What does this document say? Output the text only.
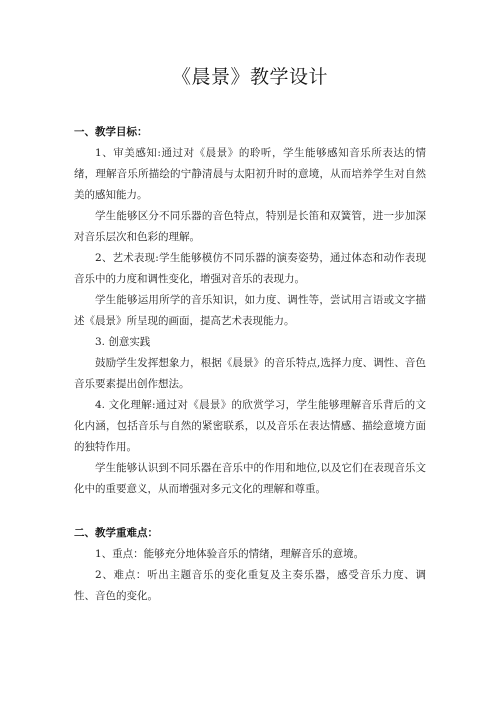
《晨景》教学设计

一、教学目标：

1、审美感知:通过对《晨景》的聆听，学生能够感知音乐所表达的情绪，理解音乐所描绘的宁静清晨与太阳初升时的意境，从而培养学生对自然美的感知能力。

学生能够区分不同乐器的音色特点，特别是长笛和双簧管，进一步加深对音乐层次和色彩的理解。

2、艺术表现:学生能够模仿不同乐器的演奏姿势，通过体态和动作表现音乐中的力度和调性变化，增强对音乐的表现力。

学生能够运用所学的音乐知识，如力度、调性等，尝试用言语或文字描述《晨景》所呈现的画面，提高艺术表现能力。

3. 创意实践

鼓励学生发挥想象力，根据《晨景》的音乐特点,选择力度、调性、音色音乐要素提出创作想法。

4. 文化理解:通过对《晨景》的欣赏学习，学生能够理解音乐背后的文化内涵，包括音乐与自然的紧密联系，以及音乐在表达情感、描绘意境方面的独特作用。

学生能够认识到不同乐器在音乐中的作用和地位,以及它们在表现音乐文化中的重要意义，从而增强对多元文化的理解和尊重。

二、教学重难点：

1、重点：能够充分地体验音乐的情绪，理解音乐的意境。

2、难点：听出主题音乐的变化重复及主奏乐器，感受音乐力度、调性、音色的变化。
